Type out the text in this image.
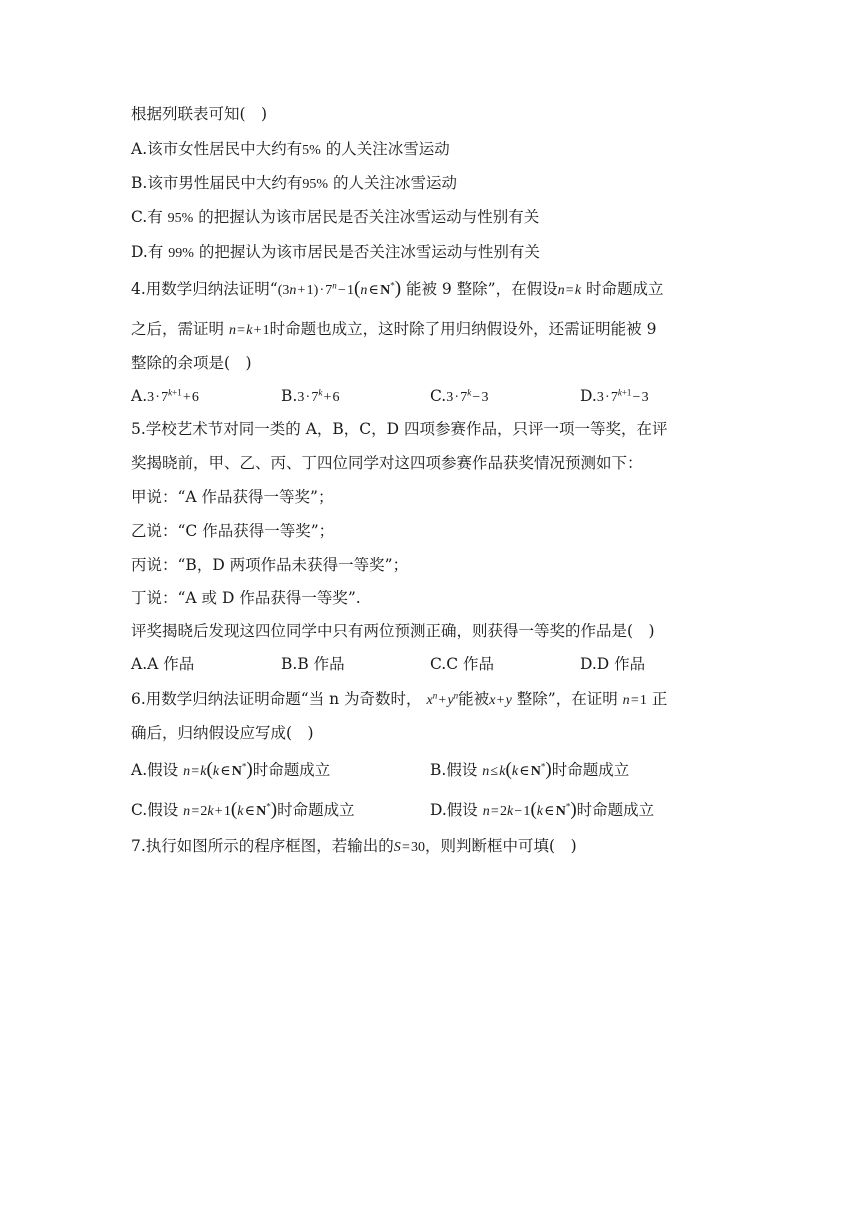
根据列联表可知(　)
A.该市女性居民中大约有5% 的人关注冰雪运动
B.该市男性届民中大约有95% 的人关注冰雪运动
C.有 95% 的把握认为该市居民是否关注冰雪运动与性别有关
D.有 99% 的把握认为该市居民是否关注冰雪运动与性别有关
4.用数学归纳法证明“(3n + 1) · $7^n$ − 1(n ∈ N*) 能被 9 整除”，在假设n = k 时命题成立
之后，需证明 n = k + 1时命题也成立，这时除了用归纳假设外，还需证明能被 9
整除的余项是(　)
A.3 · $7^{k+1}$ + 6	B.3 · $7^k$ + 6	C.3 · $7^k$ − 3	D.3 · $7^{k+1}$ − 3
5.学校艺术节对同一类的 A，B，C，D 四项参赛作品，只评一项一等奖，在评
奖揭晓前，甲、乙、丙、丁四位同学对这四项参赛作品获奖情况预测如下：
甲说：“A 作品获得一等奖”；
乙说：“C 作品获得一等奖”；
丙说：“B，D 两项作品未获得一等奖”；
丁说：“A 或 D 作品获得一等奖”.
评奖揭晓后发现这四位同学中只有两位预测正确，则获得一等奖的作品是(　)
A.A 作品	B.B 作品	C.C 作品	D.D 作品
6.用数学归纳法证明命题“当 n 为奇数时， $x^n$ + $y^n$能被x + y 整除”，在证明 n = 1 正
确后，归纳假设应写成(　)
A.假设 n = k(k ∈ N*)时命题成立	B.假设 n ≤ k(k ∈ N*)时命题成立
C.假设 n = 2k + 1(k ∈ N*)时命题成立	D.假设 n = 2k − 1(k ∈ N*)时命题成立
7.执行如图所示的程序框图，若输出的S = 30，则判断框中可填(　)
